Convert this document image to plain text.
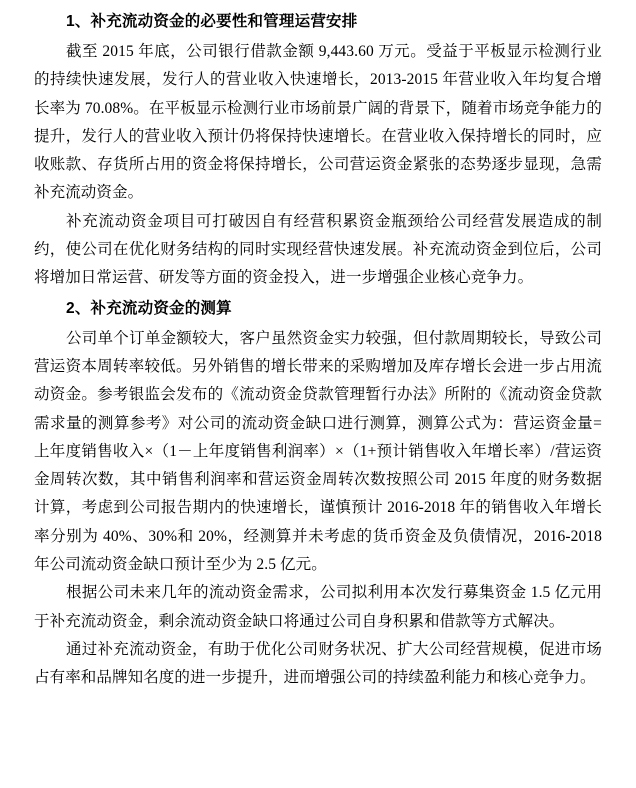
1、补充流动资金的必要性和管理运营安排

截至 2015 年底，公司银行借款金额 9,443.60 万元。受益于平板显示检测行业的持续快速发展，发行人的营业收入快速增长，2013-2015 年营业收入年均复合增长率为 70.08%。在平板显示检测行业市场前景广阔的背景下，随着市场竞争能力的提升，发行人的营业收入预计仍将保持快速增长。在营业收入保持增长的同时，应收账款、存货所占用的资金将保持增长，公司营运资金紧张的态势逐步显现，急需补充流动资金。

补充流动资金项目可打破因自有经营积累资金瓶颈给公司经营发展造成的制约，使公司在优化财务结构的同时实现经营快速发展。补充流动资金到位后，公司将增加日常运营、研发等方面的资金投入，进一步增强企业核心竞争力。

2、补充流动资金的测算

公司单个订单金额较大，客户虽然资金实力较强，但付款周期较长，导致公司营运资本周转率较低。另外销售的增长带来的采购增加及库存增长会进一步占用流动资金。参考银监会发布的《流动资金贷款管理暂行办法》所附的《流动资金贷款需求量的测算参考》对公司的流动资金缺口进行测算，测算公式为：营运资金量=上年度销售收入×（1－上年度销售利润率）×（1+预计销售收入年增长率）/营运资金周转次数，其中销售利润率和营运资金周转次数按照公司 2015 年度的财务数据计算，考虑到公司报告期内的快速增长，谨慎预计 2016-2018 年的销售收入年增长率分别为 40%、30%和 20%，经测算并未考虑的货币资金及负债情况，2016-2018 年公司流动资金缺口预计至少为 2.5 亿元。

根据公司未来几年的流动资金需求，公司拟利用本次发行募集资金 1.5 亿元用于补充流动资金，剩余流动资金缺口将通过公司自身积累和借款等方式解决。

通过补充流动资金，有助于优化公司财务状况、扩大公司经营规模，促进市场占有率和品牌知名度的进一步提升，进而增强公司的持续盈利能力和核心竞争力。
